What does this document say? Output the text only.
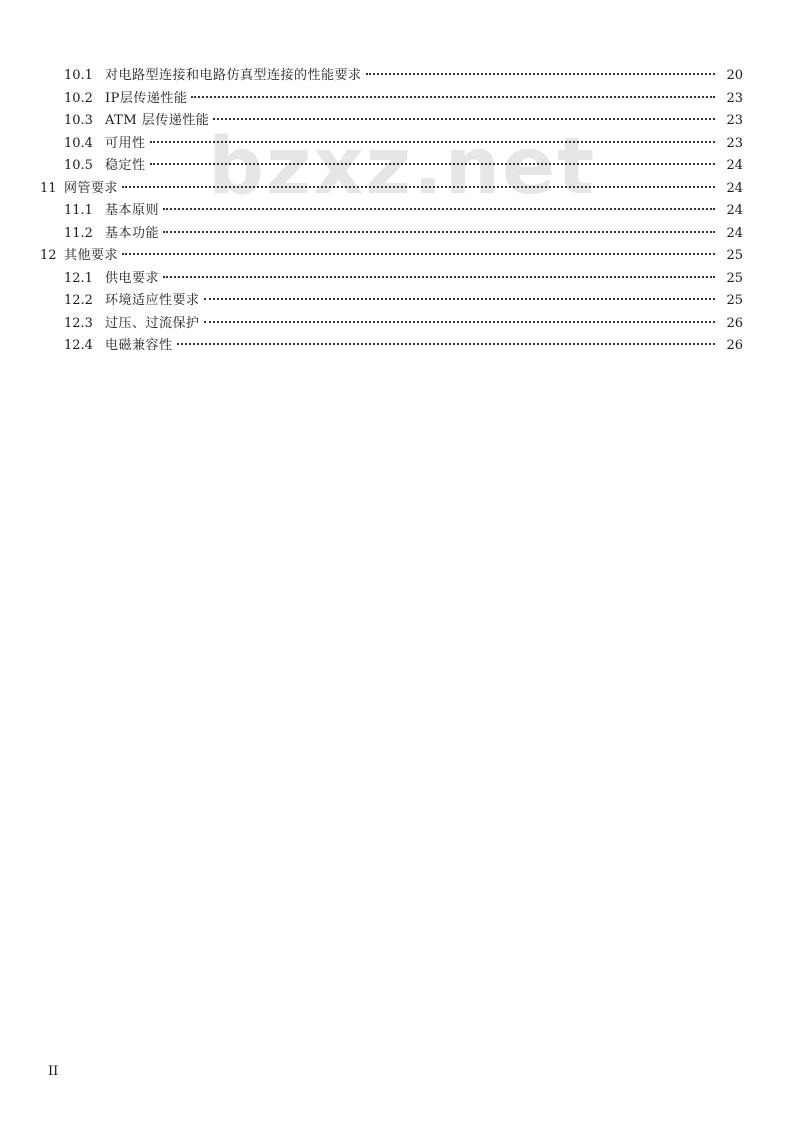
bzxz.net
10.1 对电路型连接和电路仿真型连接的性能要求	20
10.2 IP层传递性能	23
10.3 ATM 层传递性能	23
10.4 可用性	23
10.5 稳定性	24
11 网管要求	24
11.1 基本原则	24
11.2 基本功能	24
12 其他要求	25
12.1 供电要求	25
12.2 环境适应性要求	25
12.3 过压、过流保护	26
12.4 电磁兼容性	26
II
